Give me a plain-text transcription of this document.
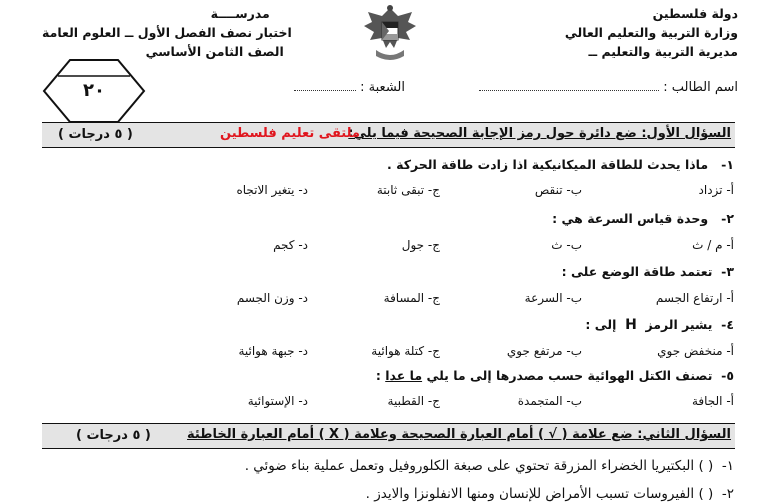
دولة فلسطين
وزارة التربية والتعليم العالي
مديرية التربية والتعليم ــ
مدرســــة
اختبار نصف الفصل الأول ــ العلوم العامة
الصف الثامن الأساسي
٢٠	اسم الطالب :
الشعبة :
السؤال الأول: ضع دائرة حول رمز الإجابة الصحيحة فيما يلي:
ملتقى تعليم فلسطين
( ٥ درجات )
١-   ماذا يحدث للطاقة الميكانيكية اذا زادت طاقة الحركة .
أ- تزداد
ب- تنقص
ج- تبقى ثابتة
د- يتغير الاتجاه
٢-   وحدة قياس السرعة هي :
أ- م / ث
ب- ث
ج- جول
د- كجم
٣-  تعتمد طاقة الوضع على :
أ- ارتفاع الجسم
ب- السرعة
ج- المسافة
د- وزن الجسم
٤-  يشير الرمز  H  إلى :
أ- منخفض جوي
ب- مرتفع جوي
ج- كتلة هوائية
د- جبهة هوائية
٥-  تصنف الكتل الهوائية حسب مصدرها إلى ما يلي ما عدا :
أ- الجافة
ب- المتجمدة
ج- القطبية
د- الإستوائية
السؤال الثاني: ضع علامة ( √ ) أمام العبارة الصحيحة وعلامة ( X ) أمام العبارة الخاطئة
( ٥ درجات )
١-  ( ) البكتيريا الخضراء المزرقة تحتوي على صبغة الكلوروفيل وتعمل عملية بناء ضوئي .
٢-  ( ) الفيروسات تسبب الأمراض للإنسان ومنها الانفلونزا والايدز .
